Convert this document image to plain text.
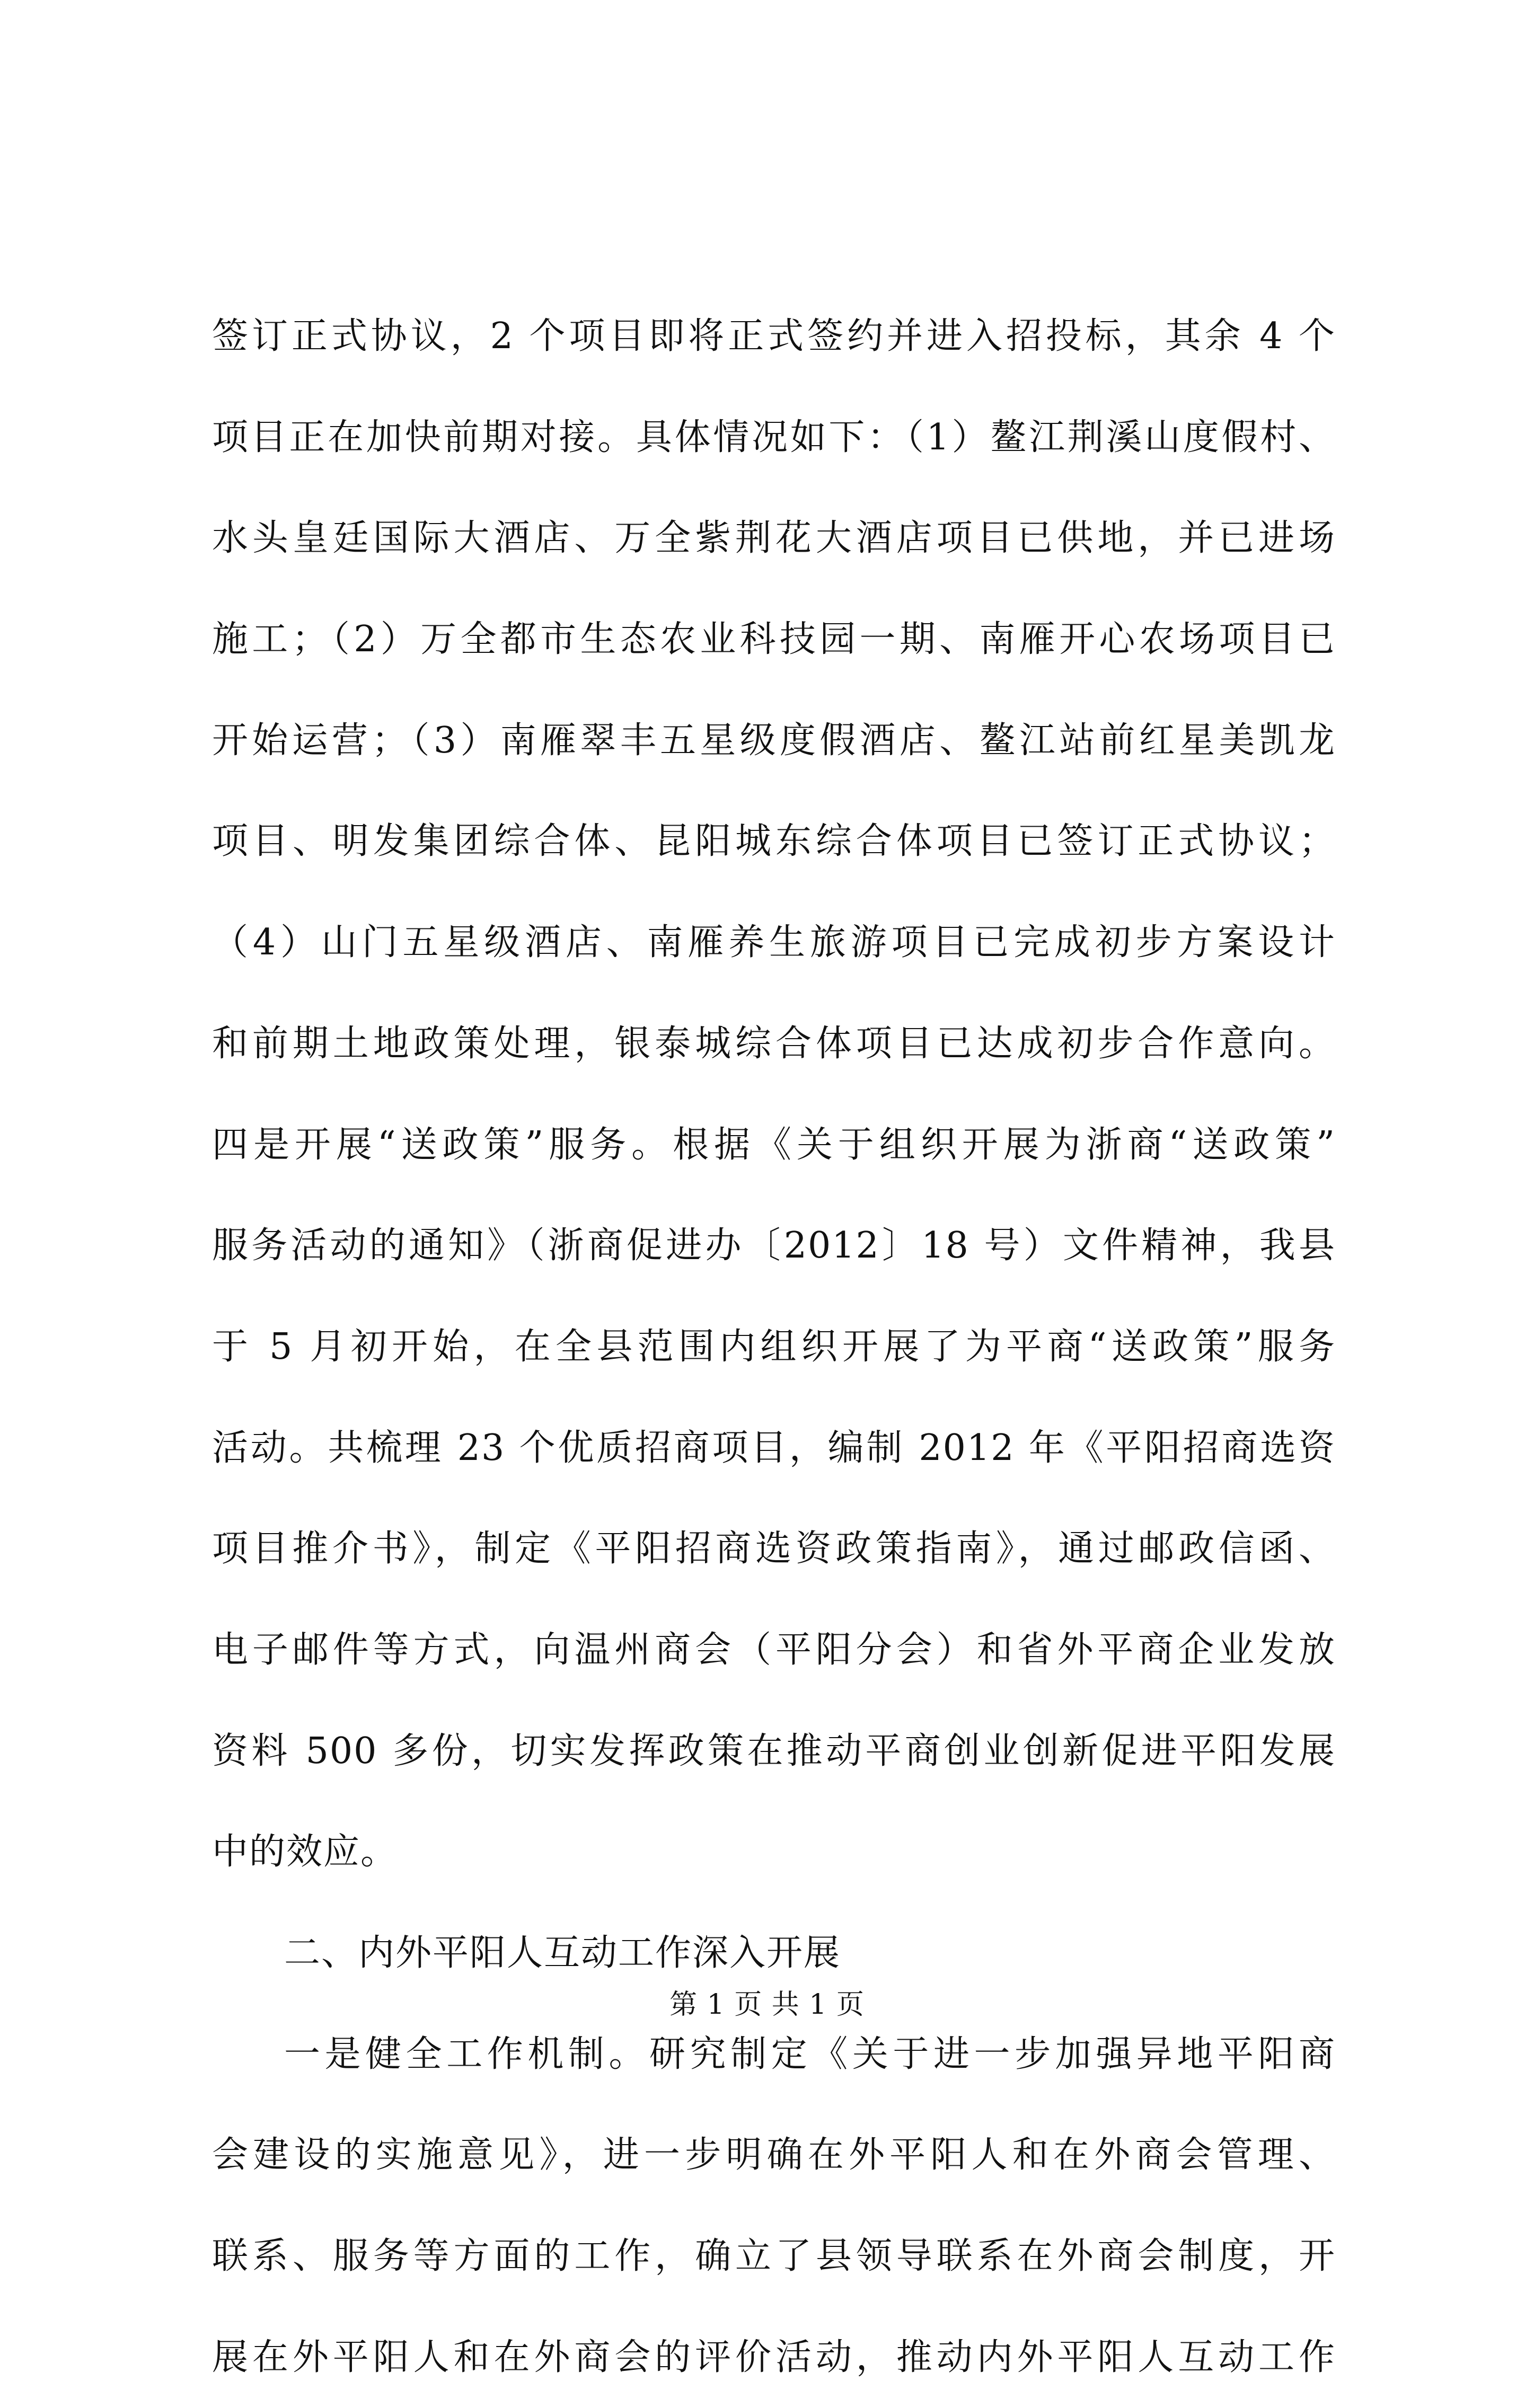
签订正式协议，2 个项目即将正式签约并进入招投标，其余 4 个
项目正在加快前期对接。具体情况如下：（1）鳌江荆溪山度假村、
水头皇廷国际大酒店、万全紫荆花大酒店项目已供地，并已进场
施工；（2）万全都市生态农业科技园一期、南雁开心农场项目已
开始运营；（3）南雁翠丰五星级度假酒店、鳌江站前红星美凯龙
项目、明发集团综合体、昆阳城东综合体项目已签订正式协议；
（4）山门五星级酒店、南雁养生旅游项目已完成初步方案设计
和前期土地政策处理，银泰城综合体项目已达成初步合作意向。
四是开展“送政策”服务。根据《关于组织开展为浙商“送政策”
服务活动的通知》（浙商促进办〔2012〕18 号）文件精神，我县
于 5 月初开始，在全县范围内组织开展了为平商“送政策”服务
活动。共梳理 23 个优质招商项目，编制 2012 年《平阳招商选资
项目推介书》，制定《平阳招商选资政策指南》，通过邮政信函、
电子邮件等方式，向温州商会（平阳分会）和省外平商企业发放
资料 500 多份，切实发挥政策在推动平商创业创新促进平阳发展
中的效应。
二、内外平阳人互动工作深入开展
一是健全工作机制。研究制定《关于进一步加强异地平阳商
会建设的实施意见》，进一步明确在外平阳人和在外商会管理、
联系、服务等方面的工作，确立了县领导联系在外商会制度，开
展在外平阳人和在外商会的评价活动，推动内外平阳人互动工作
第 1 页 共 1 页
